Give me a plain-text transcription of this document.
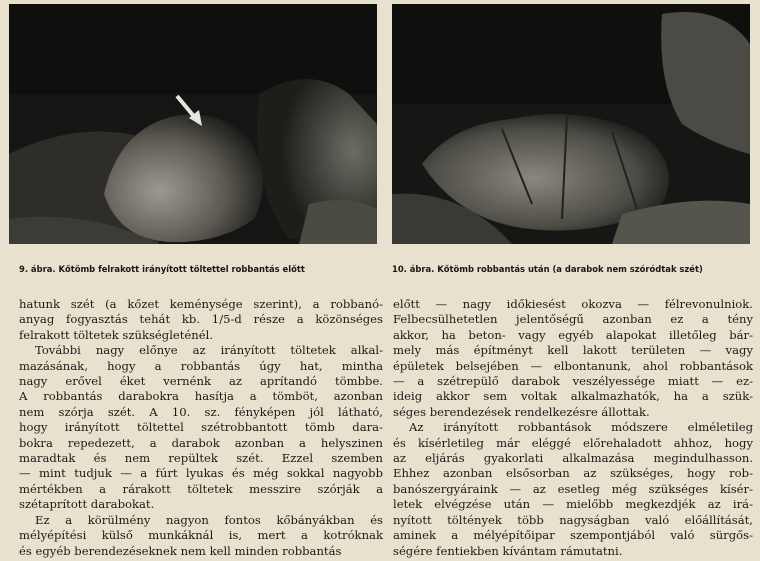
9. ábra. Kőtömb felrakott irányított töltettel robbantás előtt	10. ábra. Kőtömb robbantás után (a darabok nem szóródtak szét)
hatunk szét (a kőzet keménysége szerint), a robbanó-
anyag fogyasztás tehát kb. 1/5-d része a közönséges
felrakott töltetek szükségleténél.
További nagy előnye az irányított töltetek alkal-
mazásának, hogy a robbantás úgy hat, mintha
nagy erővel éket vernénk az aprítandó tömbbe.
A robbantás darabokra hasítja a tömböt, azonban
nem szórja szét. A 10. sz. fényképen jól látható,
hogy irányított töltettel szétrobbantott tömb dara-
bokra repedezett, a darabok azonban a helyszinen
maradtak és nem repültek szét. Ezzel szemben
— mint tudjuk — a fúrt lyukas és még sokkal nagyobb
mértékben a rárakott töltetek messzire szórják a
szétaprított darabokat.
Ez a körülmény nagyon fontos kőbányákban és
mélyépítési külső munkáknál is, mert a kotróknak
és egyéb berendezéseknek nem kell minden robbantás
előtt — nagy időkiesést okozva — félrevonulniok.
Felbecsülhetetlen jelentőségű azonban ez a tény
akkor, ha beton- vagy egyéb alapokat illetőleg bár-
mely más építményt kell lakott területen — vagy
épületek belsejében — elbontanunk, ahol robbantások
— a szétrepülő darabok veszélyessége miatt — ez-
ideig akkor sem voltak alkalmazhatók, ha a szük-
séges berendezések rendelkezésre állottak.
Az irányított robbantások módszere elméletileg
és kísérletileg már eléggé előrehaladott ahhoz, hogy
az eljárás gyakorlati alkalmazása megindulhasson.
Ehhez azonban elsősorban az szükséges, hogy rob-
banószergyáraink — az esetleg még szükséges kísér-
letek elvégzése után — mielőbb megkezdjék az irá-
nyított töltények több nagyságban való előállítását,
aminek a mélyépítőipar szempontjából való sürgős-
ségére fentiekben kívántam rámutatni.
